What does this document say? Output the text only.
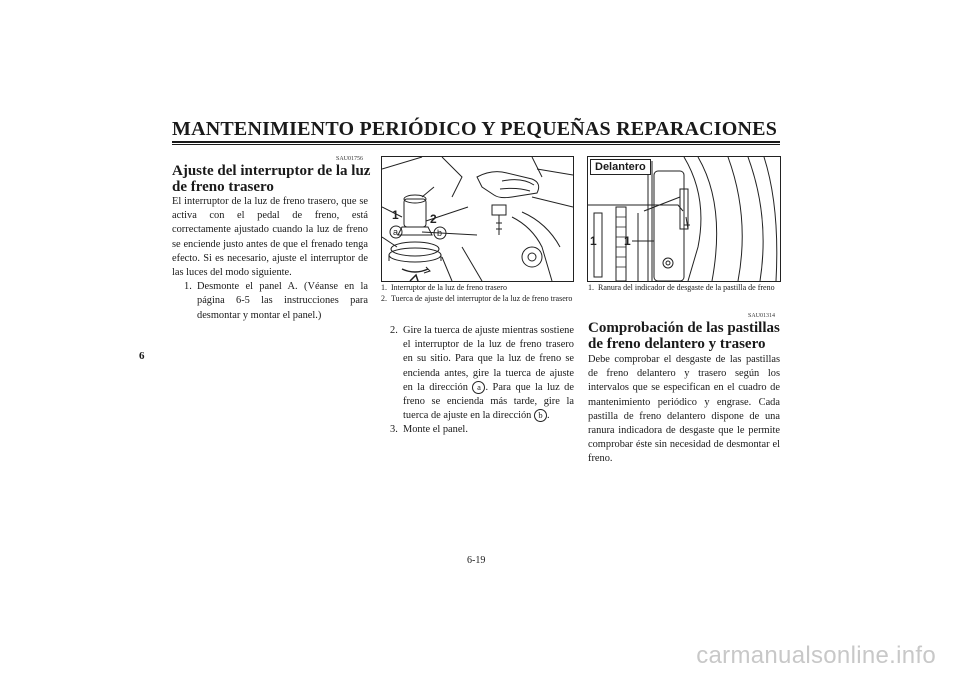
MANTENIMIENTO PERIÓDICO Y PEQUEÑAS REPARACIONES
6
SAU01756
Ajuste del interruptor de la luz de freno trasero

El interruptor de la luz de freno trasero, que se activa con el pedal de freno, está correctamente ajustado cuando la luz de freno se enciende justo antes de que el frenado tenga efecto. Si es necesario, ajuste el interruptor de las luces del modo siguiente.

1. Desmonte el panel A. (Véanse en la página 6-5 las instrucciones para desmontar y montar el panel.)

1	2
a	b
1. Interruptor de la luz de freno trasero
2. Tuerca de ajuste del interruptor de la luz de freno trasero

2. Gire la tuerca de ajuste mientras sostiene el interruptor de la luz de freno trasero en su sitio. Para que la luz de freno se encienda antes, gire la tuerca de ajuste en la dirección a . Para que la luz de freno se encienda más tarde, gire la tuerca de ajuste en la dirección b .

3. Monte el panel.

1 1
Delantero
1. Ranura del indicador de desgaste de la pastilla de freno
SAU01314
Comprobación de las pastillas de freno delantero y trasero

Debe comprobar el desgaste de las pastillas de freno delantero y trasero según los intervalos que se especifican en el cuadro de mantenimiento periódico y engrase. Cada pastilla de freno delantero dispone de una ranura indicadora de desgaste que le permite comprobar éste sin necesidad de desmontar el freno.

6-19
carmanualsonline.info
